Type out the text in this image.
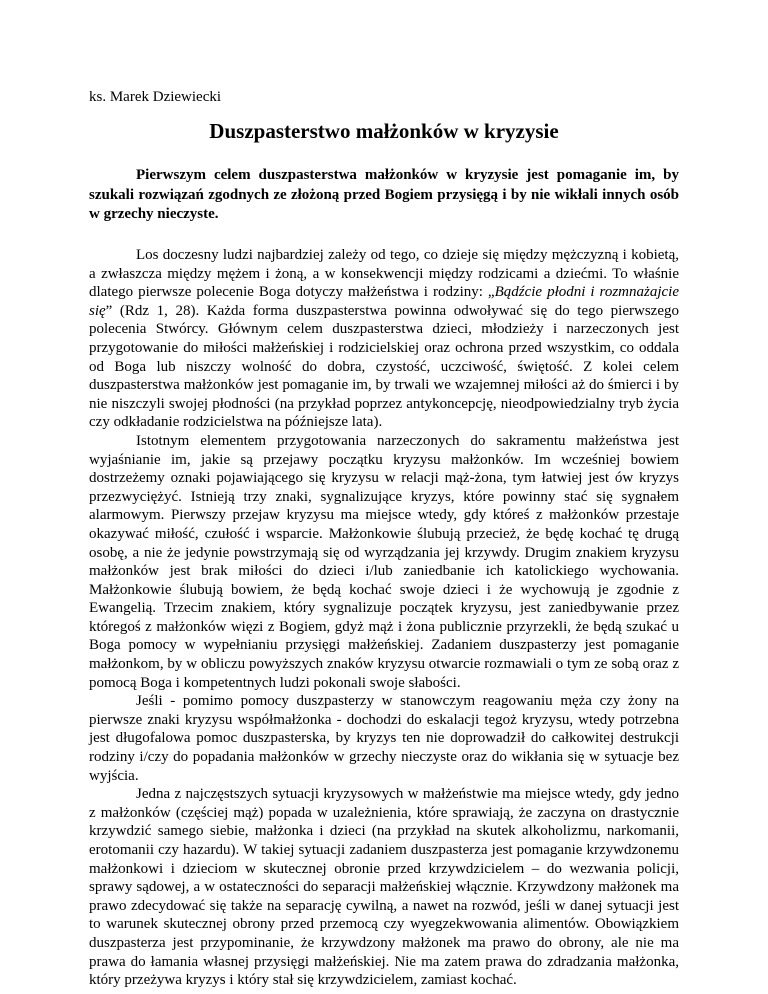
ks. Marek Dziewiecki
Duszpasterstwo małżonków w kryzysie

Pierwszym celem duszpasterstwa małżonków w kryzysie jest pomaganie im, by szukali rozwiązań zgodnych ze złożoną przed Bogiem przysięgą i by nie wikłali innych osób w grzechy nieczyste.

Los doczesny ludzi najbardziej zależy od tego, co dzieje się między mężczyzną i kobietą, a zwłaszcza między mężem i żoną, a w konsekwencji między rodzicami a dziećmi. To właśnie dlatego pierwsze polecenie Boga dotyczy małżeństwa i rodziny: „Bądźcie płodni i rozmnażajcie się” (Rdz 1, 28). Każda forma duszpasterstwa powinna odwoływać się do tego pierwszego polecenia Stwórcy. Głównym celem duszpasterstwa dzieci, młodzieży i narzeczonych jest przygotowanie do miłości małżeńskiej i rodzicielskiej oraz ochrona przed wszystkim, co oddala od Boga lub niszczy wolność do dobra, czystość, uczciwość, świętość. Z kolei celem duszpasterstwa małżonków jest pomaganie im, by trwali we wzajemnej miłości aż do śmierci i by nie niszczyli swojej płodności (na przykład poprzez antykoncepcję, nieodpowiedzialny tryb życia czy odkładanie rodzicielstwa na późniejsze lata).

Istotnym elementem przygotowania narzeczonych do sakramentu małżeństwa jest wyjaśnianie im, jakie są przejawy początku kryzysu małżonków. Im wcześniej bowiem dostrzeżemy oznaki pojawiającego się kryzysu w relacji mąż-żona, tym łatwiej jest ów kryzys przezwyciężyć. Istnieją trzy znaki, sygnalizujące kryzys, które powinny stać się sygnałem alarmowym. Pierwszy przejaw kryzysu ma miejsce wtedy, gdy któreś z małżonków przestaje okazywać miłość, czułość i wsparcie. Małżonkowie ślubują przecież, że będę kochać tę drugą osobę, a nie że jedynie powstrzymają się od wyrządzania jej krzywdy. Drugim znakiem kryzysu małżonków jest brak miłości do dzieci i/lub zaniedbanie ich katolickiego wychowania. Małżonkowie ślubują bowiem, że będą kochać swoje dzieci i że wychowują je zgodnie z Ewangelią. Trzecim znakiem, który sygnalizuje początek kryzysu, jest zaniedbywanie przez któregoś z małżonków więzi z Bogiem, gdyż mąż i żona publicznie przyrzekli, że będą szukać u Boga pomocy w wypełnianiu przysięgi małżeńskiej. Zadaniem duszpasterzy jest pomaganie małżonkom, by w obliczu powyższych znaków kryzysu otwarcie rozmawiali o tym ze sobą oraz z pomocą Boga i kompetentnych ludzi pokonali swoje słabości.

Jeśli - pomimo pomocy duszpasterzy w stanowczym reagowaniu męża czy żony na pierwsze znaki kryzysu współmałżonka - dochodzi do eskalacji tegoż kryzysu, wtedy potrzebna jest długofalowa pomoc duszpasterska, by kryzys ten nie doprowadził do całkowitej destrukcji rodziny i/czy do popadania małżonków w grzechy nieczyste oraz do wikłania się w sytuacje bez wyjścia.

Jedna z najczęstszych sytuacji kryzysowych w małżeństwie ma miejsce wtedy, gdy jedno z małżonków (częściej mąż) popada w uzależnienia, które sprawiają, że zaczyna on drastycznie krzywdzić samego siebie, małżonka i dzieci (na przykład na skutek alkoholizmu, narkomanii, erotomanii czy hazardu). W takiej sytuacji zadaniem duszpasterza jest pomaganie krzywdzonemu małżonkowi i dzieciom w skutecznej obronie przed krzywdzicielem – do wezwania policji, sprawy sądowej, a w ostateczności do separacji małżeńskiej włącznie. Krzywdzony małżonek ma prawo zdecydować się także na separację cywilną, a nawet na rozwód, jeśli w danej sytuacji jest to warunek skutecznej obrony przed przemocą czy wyegzekwowania alimentów. Obowiązkiem duszpasterza jest przypominanie, że krzywdzony małżonek ma prawo do obrony, ale nie ma prawa do łamania własnej przysięgi małżeńskiej. Nie ma zatem prawa do zdradzania małżonka, który przeżywa kryzys i który stał się krzywdzicielem, zamiast kochać.
